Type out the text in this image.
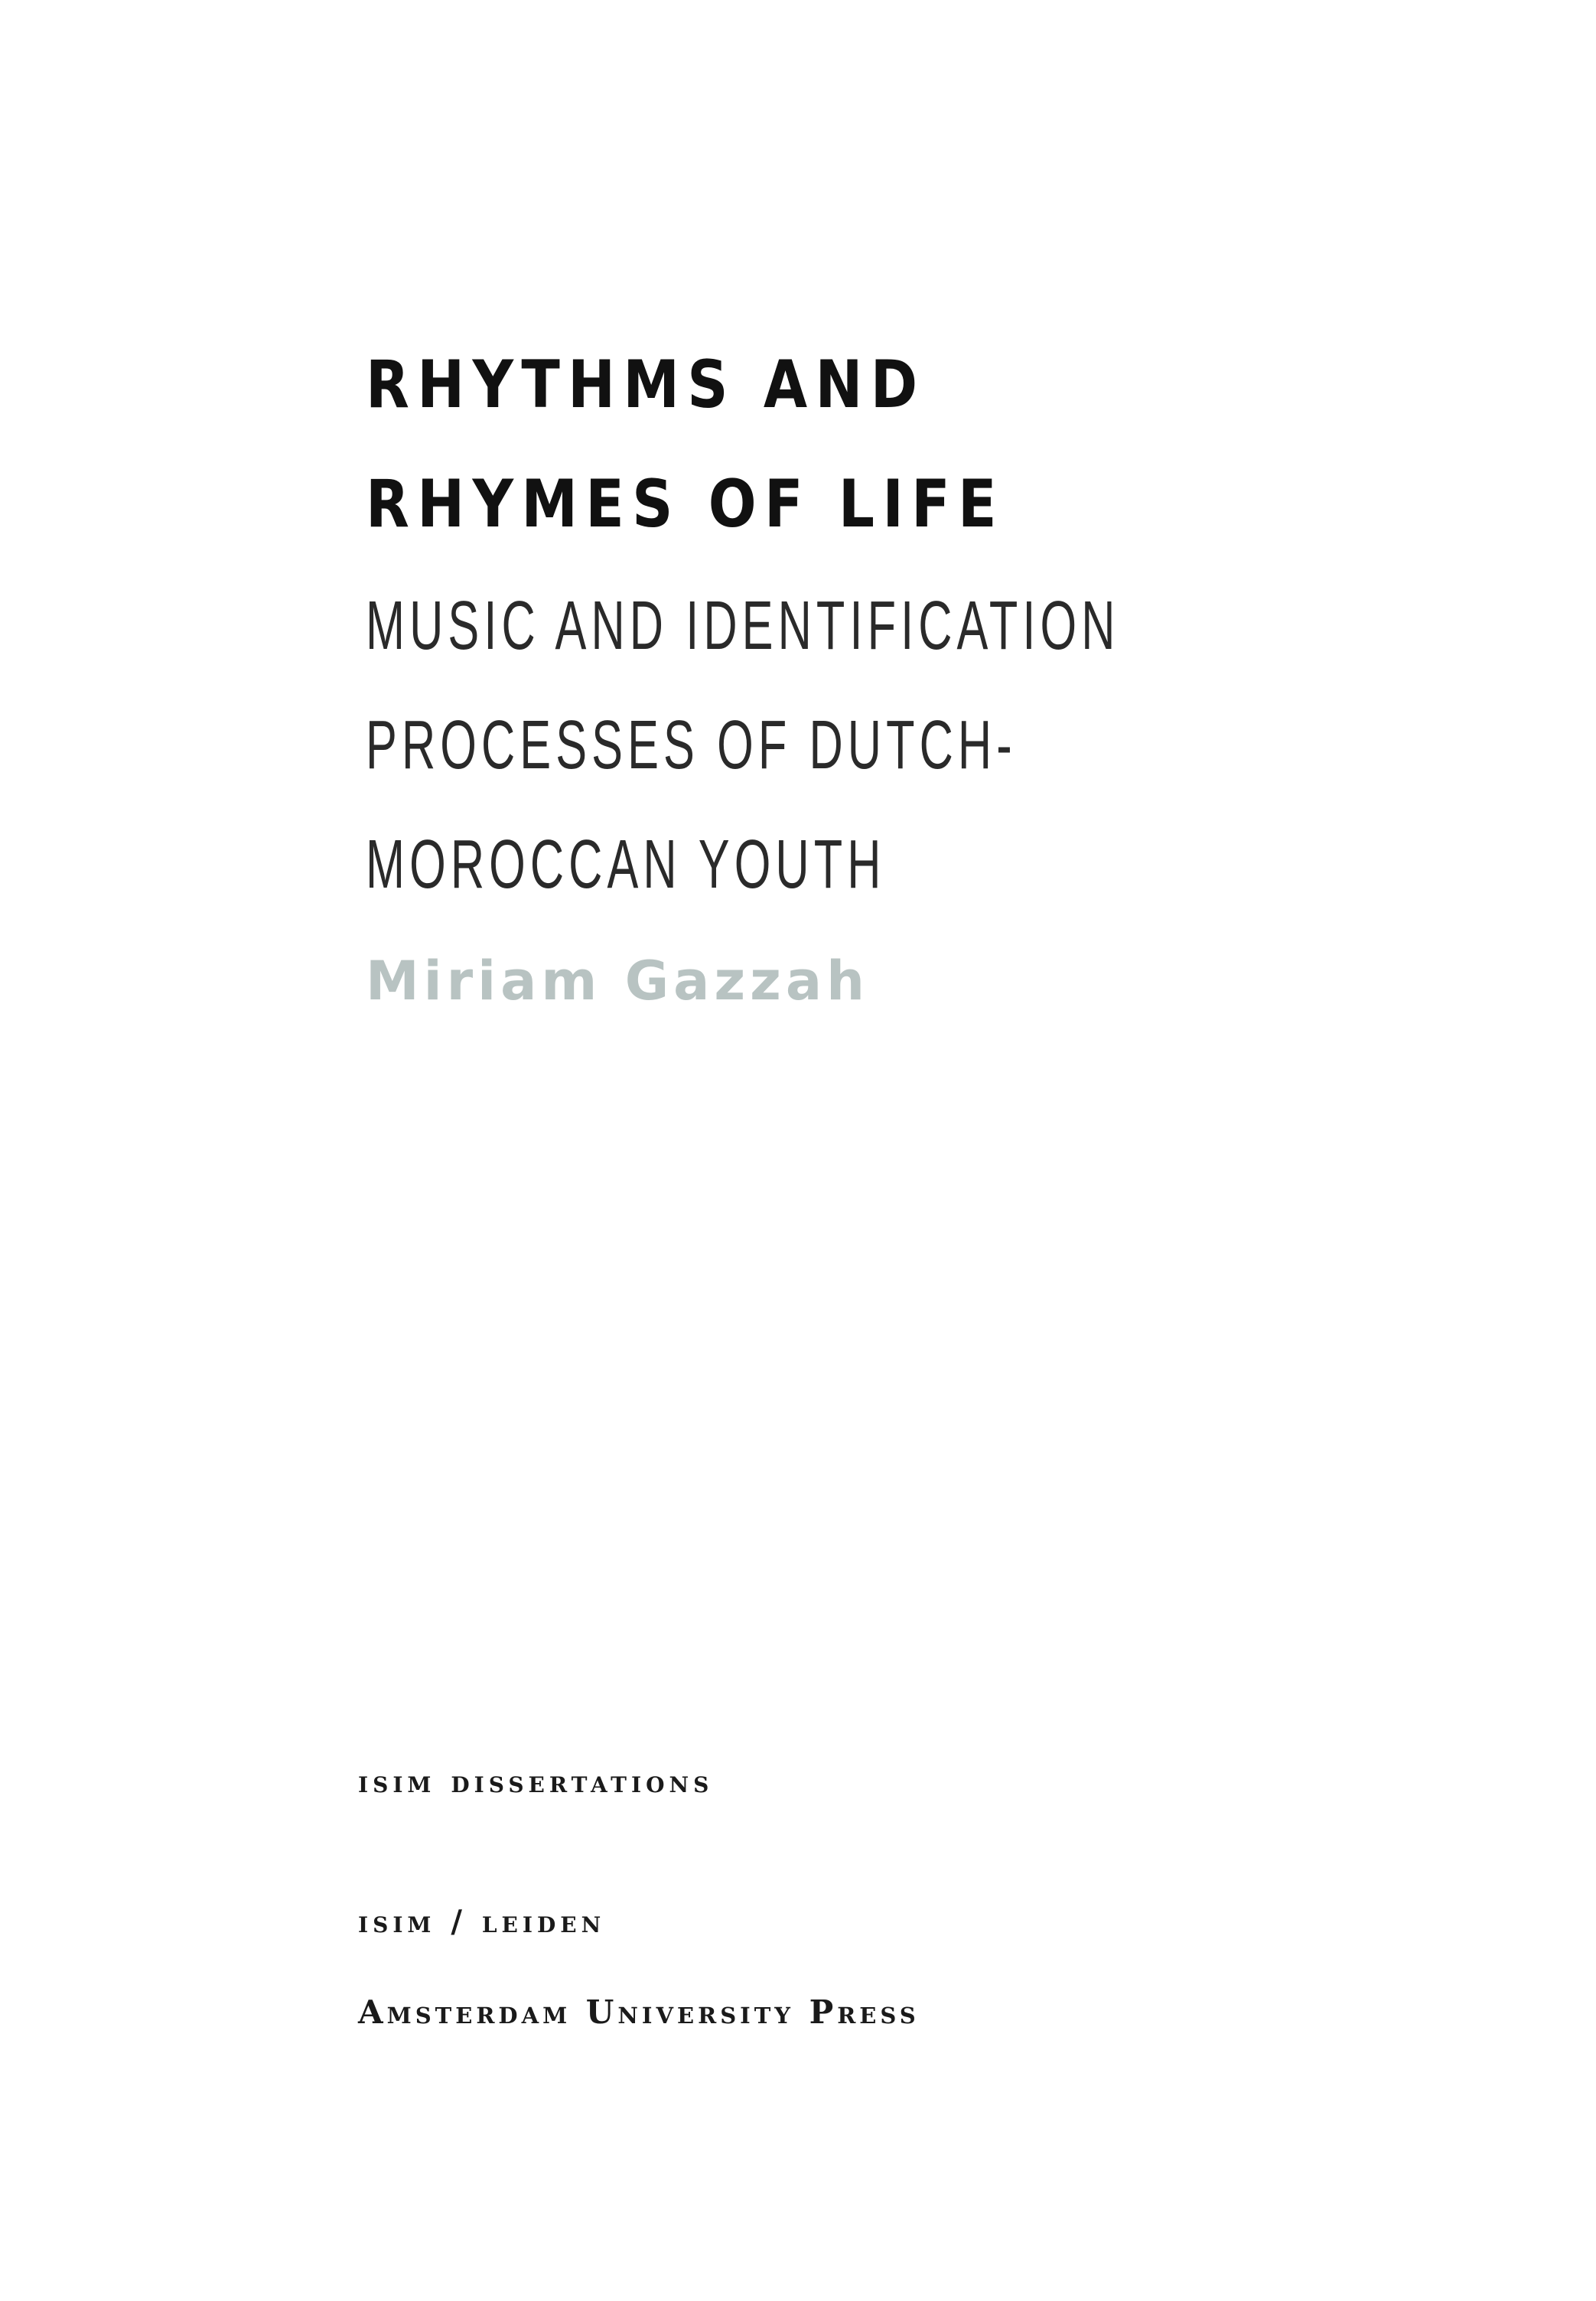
RHYTHMS AND
RHYMES OF LIFE
MUSIC AND IDENTIFICATION
PROCESSES OF DUTCH-
MOROCCAN YOUTH
Miriam Gazzah
isim dissertations
isim / leiden
Amsterdam University Press
